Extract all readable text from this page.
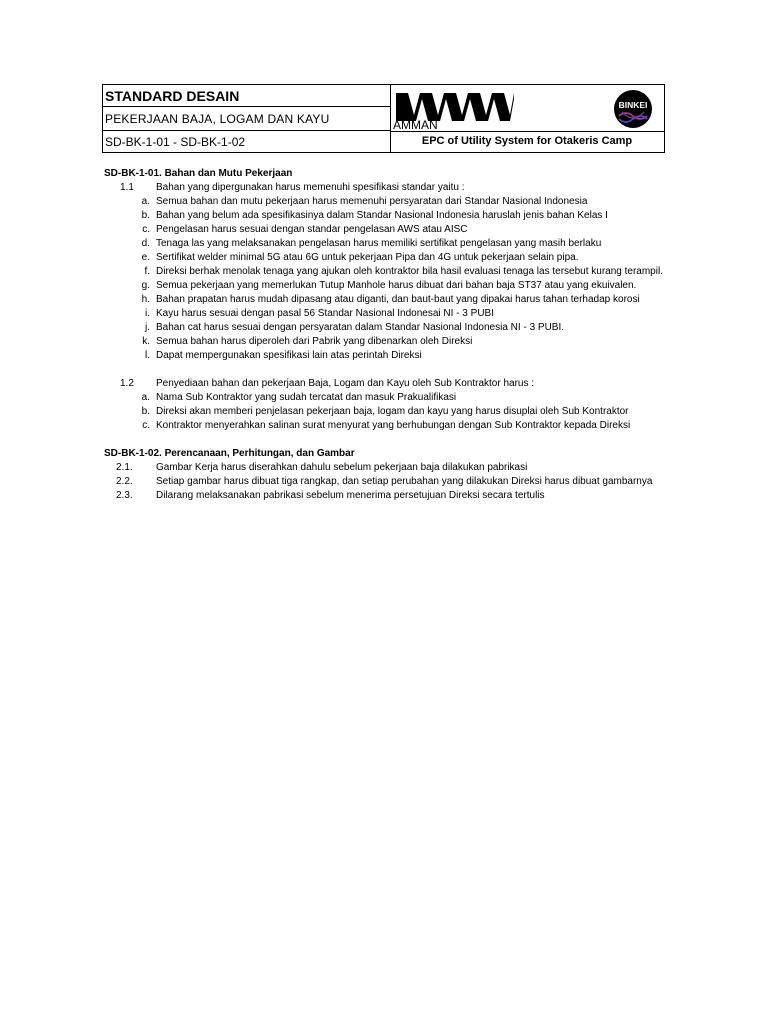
STANDARD DESAIN
PEKERJAAN BAJA, LOGAM DAN KAYU
SD-BK-1-01 - SD-BK-1-02
AMMAN
BINKEI
EPC of Utility System for Otakeris Camp
SD-BK-1-01. Bahan dan Mutu Pekerjaan
1.1 Bahan yang dipergunakan harus memenuhi spesifikasi standar yaitu :
a. Semua bahan dan mutu pekerjaan harus memenuhi persyaratan dari Standar Nasional Indonesia
b. Bahan yang belum ada spesifikasinya dalam Standar Nasional Indonesia haruslah jenis bahan Kelas I
c. Pengelasan harus sesuai dengan standar pengelasan AWS atau AISC
d. Tenaga las yang melaksanakan pengelasan harus memiliki sertifikat pengelasan yang masih berlaku
e. Sertifikat welder minimal 5G atau 6G untuk pekerjaan Pipa dan 4G untuk pekerjaan selain pipa.
f. Direksi berhak menolak tenaga yang ajukan oleh kontraktor bila hasil evaluasi tenaga las tersebut kurang terampil.
g. Semua pekerjaan yang memerlukan Tutup Manhole harus dibuat dari bahan baja ST37 atau yang ekuivalen.
h. Bahan prapatan harus mudah dipasang atau diganti, dan baut-baut yang dipakai harus tahan terhadap korosi
i. Kayu harus sesuai dengan pasal 56 Standar Nasional Indonesai NI - 3 PUBI
j. Bahan cat harus sesuai dengan persyaratan dalam Standar Nasional Indonesia NI - 3 PUBI.
k. Semua bahan harus diperoleh dari Pabrik yang dibenarkan oleh Direksi
l. Dapat mempergunakan spesifikasi lain atas perintah Direksi
1.2 Penyediaan bahan dan pekerjaan Baja, Logam dan Kayu oleh Sub Kontraktor harus :
a. Nama Sub Kontraktor yang sudah tercatat dan masuk Prakualifikasi
b. Direksi akan memberi penjelasan pekerjaan baja, logam dan kayu yang harus disuplai oleh Sub Kontraktor
c. Kontraktor menyerahkan salinan surat menyurat yang berhubungan dengan Sub Kontraktor kepada Direksi
SD-BK-1-02. Perencanaan, Perhitungan, dan Gambar
2.1. Gambar Kerja harus diserahkan dahulu sebelum pekerjaan baja dilakukan pabrikasi
2.2. Setiap gambar harus dibuat tiga rangkap, dan setiap perubahan yang dilakukan Direksi harus dibuat gambarnya
2.3. Dilarang melaksanakan pabrikasi sebelum menerima persetujuan Direksi secara tertulis
